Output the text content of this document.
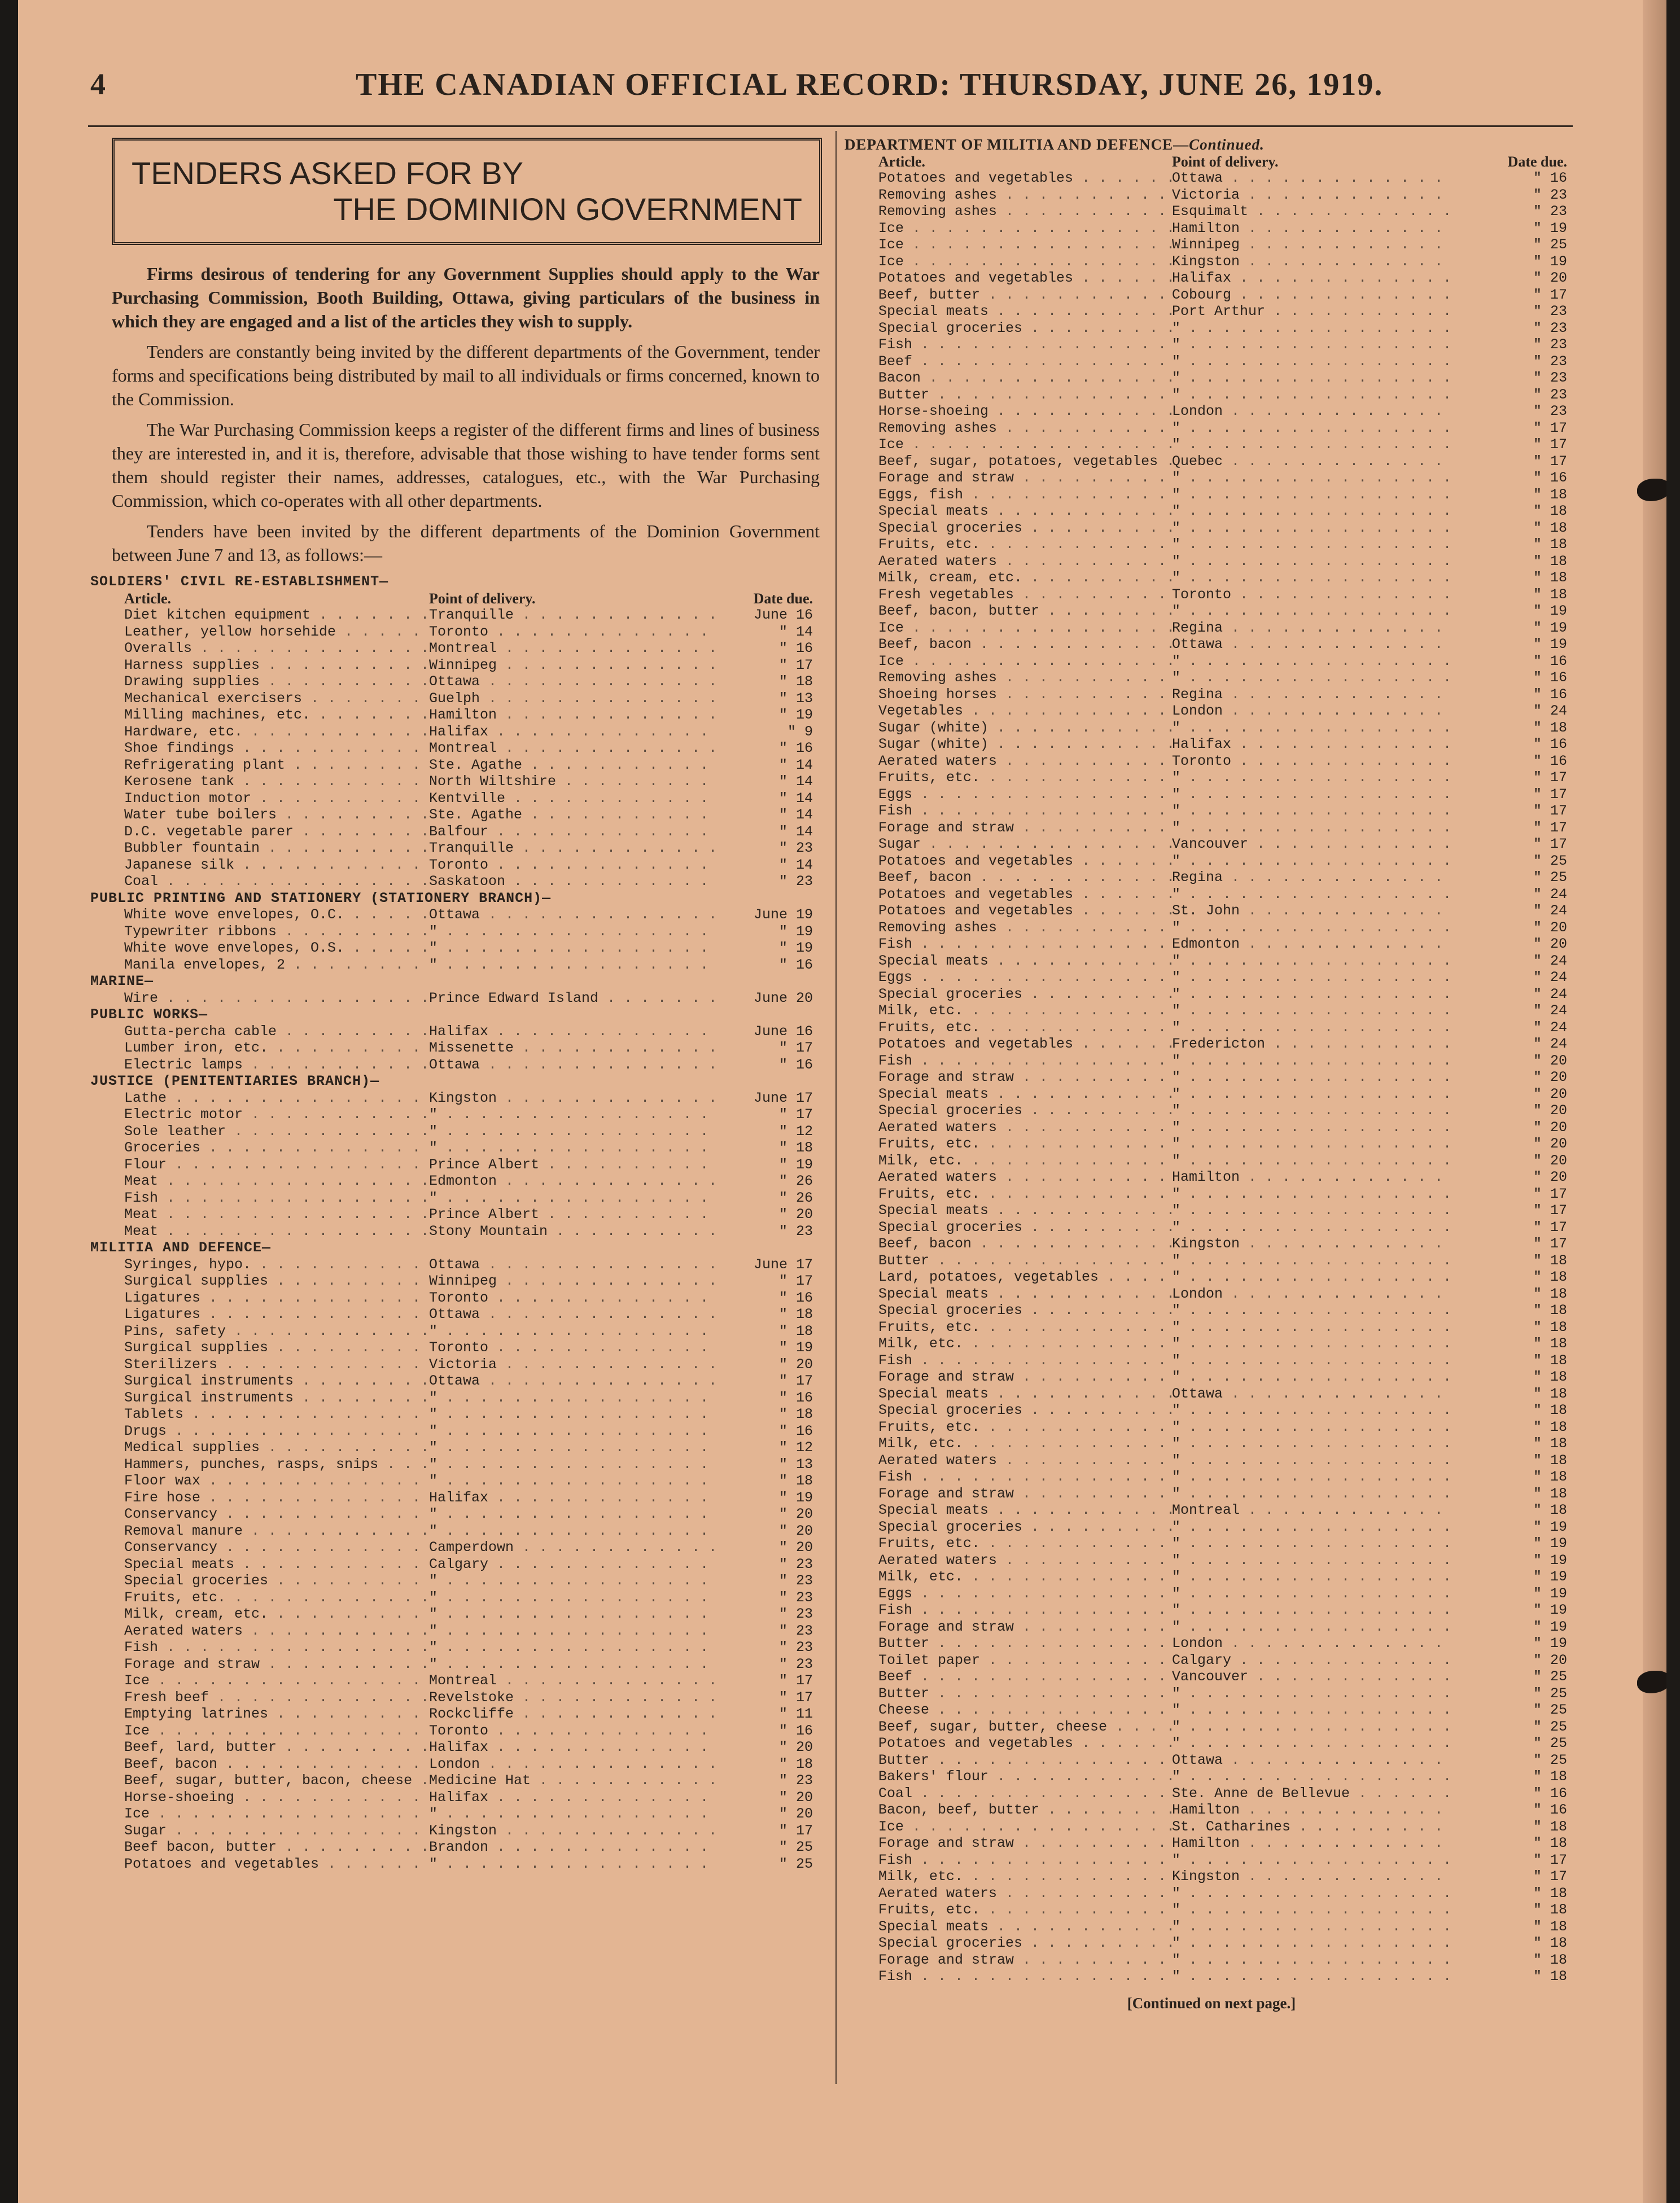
4	THE CANADIAN OFFICIAL RECORD: THURSDAY, JUNE 26, 1919.
TENDERS ASKED FOR BY
THE DOMINION GOVERNMENT

Firms desirous of tendering for any Government Supplies should apply to the War Purchasing Commission, Booth Building, Ottawa, giving particulars of the business in which they are engaged and a list of the articles they wish to supply.

Tenders are constantly being invited by the different departments of the Government, tender forms and specifications being distributed by mail to all individuals or firms concerned, known to the Commission.

The War Purchasing Commission keeps a register of the different firms and lines of business they are interested in, and it is, therefore, advisable that those wishing to have tender forms sent them should register their names, addresses, catalogues, etc., with the War Purchasing Commission, which co-operates with all other departments.

Tenders have been invited by the different departments of the Dominion Government between June 7 and 13, as follows:—

SOLDIERS' CIVIL RE-ESTABLISHMENT—
Article.	Point of delivery.	Date due.
Diet kitchen equipment . . .	Tranquille . . .	June 16
Leather, yellow horsehide . . .	Toronto . . .	" 14
Overalls . . .	Montreal . . .	" 16
Harness supplies . . .	Winnipeg . . .	" 17
Drawing supplies . . .	Ottawa . . .	" 18
Mechanical exercisers . . .	Guelph . . .	" 13
Milling machines, etc. . . .	Hamilton . . .	" 19
Hardware, etc. . . .	Halifax . . .	" 9
Shoe findings . . .	Montreal . . .	" 16
Refrigerating plant . . .	Ste. Agathe . . .	" 14
Kerosene tank . . .	North Wiltshire . . .	" 14
Induction motor . . .	Kentville . . .	" 14
Water tube boilers . . .	Ste. Agathe . . .	" 14
D.C. vegetable parer . . .	Balfour . . .	" 14
Bubbler fountain . . .	Tranquille . . .	" 23
Japanese silk . . .	Toronto . . .	" 14
Coal . . .	Saskatoon . . .	" 23
PUBLIC PRINTING AND STATIONERY (STATIONERY BRANCH)—
White wove envelopes, O.C. . . .	Ottawa . . .	June 19
Typewriter ribbons . . .	" . . .	" 19
White wove envelopes, O.S. . . .	" . . .	" 19
Manila envelopes, 2 . . .	" . . .	" 16
MARINE—
Wire . . .	Prince Edward Island . . .	June 20
PUBLIC WORKS—
Gutta-percha cable . . .	Halifax . . .	June 16
Lumber iron, etc. . . .	Missenette . . .	" 17
Electric lamps . . .	Ottawa . . .	" 16
JUSTICE (PENITENTIARIES BRANCH)—
Lathe . . .	Kingston . . .	June 17
Electric motor . . .	" . . .	" 17
Sole leather . . .	" . . .	" 12
Groceries . . .	" . . .	" 18
Flour . . .	Prince Albert . . .	" 19
Meat . . .	Edmonton . . .	" 26
Fish . . .	" . . .	" 26
Meat . . .	Prince Albert . . .	" 20
Meat . . .	Stony Mountain . . .	" 23
MILITIA AND DEFENCE—
Syringes, hypo. . . .	Ottawa . . .	June 17
Surgical supplies . . .	Winnipeg . . .	" 17
Ligatures . . .	Toronto . . .	" 16
Ligatures . . .	Ottawa . . .	" 18
Pins, safety . . .	" . . .	" 18
Surgical supplies . . .	Toronto . . .	" 19
Sterilizers . . .	Victoria . . .	" 20
Surgical instruments . . .	Ottawa . . .	" 17
Surgical instruments . . .	" . . .	" 16
Tablets . . .	" . . .	" 18
Drugs . . .	" . . .	" 16
Medical supplies . . .	" . . .	" 12
Hammers, punches, rasps, snips . . .	" . . .	" 13
Floor wax . . .	" . . .	" 18
Fire hose . . .	Halifax . . .	" 19
Conservancy . . .	" . . .	" 20
Removal manure . . .	" . . .	" 20
Conservancy . . .	Camperdown . . .	" 20
Special meats . . .	Calgary . . .	" 23
Special groceries . . .	" . . .	" 23
Fruits, etc. . . .	" . . .	" 23
Milk, cream, etc. . . .	" . . .	" 23
Aerated waters . . .	" . . .	" 23
Fish . . .	" . . .	" 23
Forage and straw . . .	" . . .	" 23
Ice . . .	Montreal . . .	" 17
Fresh beef . . .	Revelstoke . . .	" 17
Emptying latrines . . .	Rockcliffe . . .	" 11
Ice . . .	Toronto . . .	" 16
Beef, lard, butter . . .	Halifax . . .	" 20
Beef, bacon . . .	London . . .	" 18
Beef, sugar, butter, bacon, cheese . . .	Medicine Hat . . .	" 23
Horse-shoeing . . .	Halifax . . .	" 20
Ice . . .	" . . .	" 20
Sugar . . .	Kingston . . .	" 17
Beef bacon, butter . . .	Brandon . . .	" 25
Potatoes and vegetables . . .	" . . .	" 25
DEPARTMENT OF MILITIA AND DEFENCE—Continued.
Article.	Point of delivery.	Date due.
Potatoes and vegetables . . .	Ottawa . . .	" 16
Removing ashes . . .	Victoria . . .	" 23
Removing ashes . . .	Esquimalt . . .	" 23
Ice . . .	Hamilton . . .	" 19
Ice . . .	Winnipeg . . .	" 25
Ice . . .	Kingston . . .	" 19
Potatoes and vegetables . . .	Halifax . . .	" 20
Beef, butter . . .	Cobourg . . .	" 17
Special meats . . .	Port Arthur . . .	" 23
Special groceries . . .	" . . .	" 23
Fish . . .	" . . .	" 23
Beef . . .	" . . .	" 23
Bacon . . .	" . . .	" 23
Butter . . .	" . . .	" 23
Horse-shoeing . . .	London . . .	" 23
Removing ashes . . .	" . . .	" 17
Ice . . .	" . . .	" 17
Beef, sugar, potatoes, vegetables . . . Quebec . . .	" 17
Forage and straw . . .	" . . .	" 16
Eggs, fish . . .	" . . .	" 18
Special meats . . .	" . . .	" 18
Special groceries . . .	" . . .	" 18
Fruits, etc. . . .	" . . .	" 18
Aerated waters . . .	" . . .	" 18
Milk, cream, etc. . . .	" . . .	" 18
Fresh vegetables . . .	Toronto . . .	" 18
Beef, bacon, butter . . .	" . . .	" 19
Ice . . .	Regina . . .	" 19
Beef, bacon . . .	Ottawa . . .	" 19
Ice . . .	" . . .	" 16
Removing ashes . . .	" . . .	" 16
Shoeing horses . . .	Regina . . .	" 16
Vegetables . . .	London . . .	" 24
Sugar (white) . . .	" . . .	" 18
Sugar (white) . . .	Halifax . . .	" 16
Aerated waters . . .	Toronto . . .	" 16
Fruits, etc. . . .	" . . .	" 17
Eggs . . .	" . . .	" 17
Fish . . .	" . . .	" 17
Forage and straw . . .	" . . .	" 17
Sugar . . .	Vancouver . . .	" 17
Potatoes and vegetables . . .	" . . .	" 25
Beef, bacon . . .	Regina . . .	" 25
Potatoes and vegetables . . .	" . . .	" 24
Potatoes and vegetables . . .	St. John . . .	" 24
Removing ashes . . .	" . . .	" 20
Fish . . .	Edmonton . . .	" 20
Special meats . . .	" . . .	" 24
Eggs . . .	" . . .	" 24
Special groceries . . .	" . . .	" 24
Milk, etc. . . .	" . . .	" 24
Fruits, etc. . . .	" . . .	" 24
Potatoes and vegetables . . .	Fredericton . . .	" 24
Fish . . .	" . . .	" 20
Forage and straw . . .	" . . .	" 20
Special meats . . .	" . . .	" 20
Special groceries . . .	" . . .	" 20
Aerated waters . . .	" . . .	" 20
Fruits, etc. . . .	" . . .	" 20
Milk, etc. . . .	" . . .	" 20
Aerated waters . . .	Hamilton . . .	" 20
Fruits, etc. . . .	" . . .	" 17
Special meats . . .	" . . .	" 17
Special groceries . . .	" . . .	" 17
Beef, bacon . . .	Kingston . . .	" 17
Butter . . .	" . . .	" 18
Lard, potatoes, vegetables . . .	" . . .	" 18
Special meats . . .	London . . .	" 18
Special groceries . . .	" . . .	" 18
Fruits, etc. . . .	" . . .	" 18
Milk, etc. . . .	" . . .	" 18
Fish . . .	" . . .	" 18
Forage and straw . . .	" . . .	" 18
Special meats . . .	Ottawa . . .	" 18
Special groceries . . .	" . . .	" 18
Fruits, etc. . . .	" . . .	" 18
Milk, etc. . . .	" . . .	" 18
Aerated waters . . .	" . . .	" 18
Fish . . .	" . . .	" 18
Forage and straw . . .	" . . .	" 18
Special meats . . .	Montreal . . .	" 18
Special groceries . . .	" . . .	" 19
Fruits, etc. . . .	" . . .	" 19
Aerated waters . . .	" . . .	" 19
Milk, etc. . . .	" . . .	" 19
Eggs . . .	" . . .	" 19
Fish . . .	" . . .	" 19
Forage and straw . . .	" . . .	" 19
Butter . . .	London . . .	" 19
Toilet paper . . .	Calgary . . .	" 20
Beef . . .	Vancouver . . .	" 25
Butter . . .	" . . .	" 25
Cheese . . .	" . . .	" 25
Beef, sugar, butter, cheese . . .	" . . .	" 25
Potatoes and vegetables . . .	" . . .	" 25
Butter . . .	Ottawa . . .	" 25
Bakers' flour . . .	" . . .	" 18
Coal . . .	Ste. Anne de Bellevue . . .	" 16
Bacon, beef, butter . . .	Hamilton . . .	" 16
Ice . . .	St. Catharines . . .	" 18
Forage and straw . . .	Hamilton . . .	" 18
Fish . . .	" . . .	" 17
Milk, etc. . . .	Kingston . . .	" 17
Aerated waters . . .	" . . .	" 18
Fruits, etc. . . .	" . . .	" 18
Special meats . . .	" . . .	" 18
Special groceries . . .	" . . .	" 18
Forage and straw . . .	" . . .	" 18
Fish . . .	" . . .	" 18
[Continued on next page.]
